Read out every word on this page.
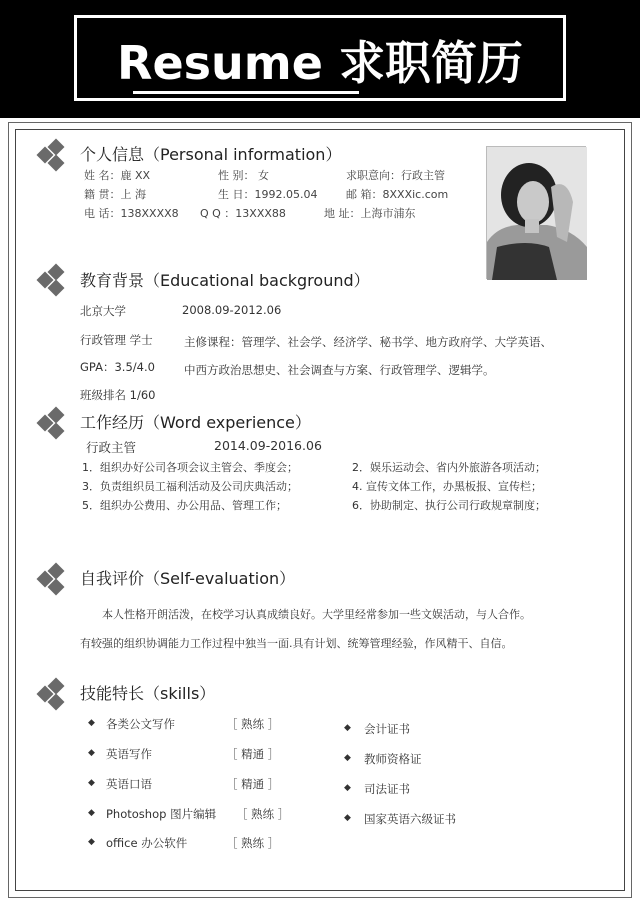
Resume 求职简历
个人信息（Personal information）
姓 名：鹿 XX	性 别： 女	求职意向：行政主管
籍 贯：上 海	生 日：1992.05.04	邮 箱：8XXXic.com
电 话：138XXXX8 Q Q ：13XXX88	地 址：上海市浦东
教育背景（Educational background）
北京大学	2008.09-2012.06
行政管理 学士	主修课程：管理学、社会学、经济学、秘书学、地方政府学、大学英语、
GPA：3.5/4.0	中西方政治思想史、社会调查与方案、行政管理学、逻辑学。
班级排名 1/60
工作经历（Word experience）
行政主管	2014.09-2016.06
1．组织办好公司各项会议主管会、季度会；
3．负责组织员工福利活动及公司庆典活动；
5．组织办公费用、办公用品、管理工作；
2．娱乐运动会、省内外旅游各项活动；
4. 宣传文体工作，办黑板报、宣传栏；
6．协助制定、执行公司行政规章制度；
自我评价（Self-evaluation）
本人性格开朗活泼，在校学习认真成绩良好。大学里经常参加一些文娱活动，与人合作。
有较强的组织协调能力工作过程中独当一面.具有计划、统筹管理经验，作风精干、自信。
技能特长（skills）
◆ 各类公文写作	［ 熟练 ］
◆ 英语写作	［ 精通 ］
◆ 英语口语	［ 精通 ］
◆ Photoshop 图片编辑 ［ 熟练 ］
◆ office 办公软件	［ 熟练 ］
◆ 会计证书
◆ 教师资格证
◆ 司法证书
◆ 国家英语六级证书
